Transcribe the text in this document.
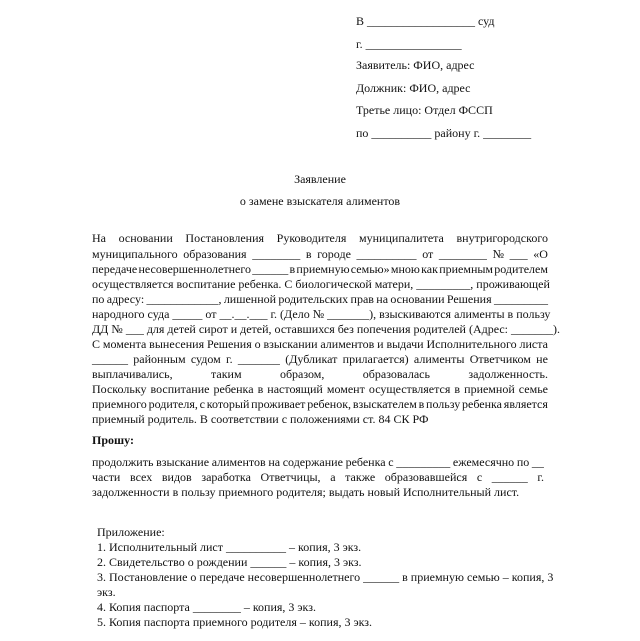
В __________________ суд
г. ________________
Заявитель: ФИО, адрес
Должник: ФИО, адрес
Третье лицо: Отдел ФССП
по __________ району г. ________
Заявление
о замене взыскателя алиментов
На основании Постановления Руководителя муниципалитета внутригородского
муниципального образования ________ в городе __________ от ________ № ___ «О
передаче несовершеннолетнего ______ в приемную семью» мною как приемным родителем
осуществляется воспитание ребенка. С биологической матери, _________, проживающей
по адресу: ____________, лишенной родительских прав на основании Решения _________
народного суда _____ от __.__.___ г. (Дело № _______), взыскиваются алименты в пользу
ДД № ___ для детей сирот и детей, оставшихся без попечения родителей (Адрес: _______).
С момента вынесения Решения о взыскании алиментов и выдачи Исполнительного листа
______ районным судом г. _______ (Дубликат прилагается) алименты Ответчиком не
выплачивались,	таким	образом,	образовалась	задолженность.
Поскольку воспитание ребенка в настоящий момент осуществляется в приемной семье
приемного родителя, с который проживает ребенок, взыскателем в пользу ребенка является
приемный родитель. В соответствии с положениями ст. 84 СК РФ
Прошу:
продолжить взыскание алиментов на содержание ребенка с _________ ежемесячно по __
части всех видов заработка Ответчицы, а также образовавшейся с ______ г.
задолженности в пользу приемного родителя; выдать новый Исполнительный лист.
Приложение:
1. Исполнительный лист __________ – копия, 3 экз.
2. Свидетельство о рождении ______ – копия, 3 экз.
3. Постановление о передаче несовершеннолетнего ______ в приемную семью – копия, 3
экз.
4. Копия паспорта ________ – копия, 3 экз.
5. Копия паспорта приемного родителя – копия, 3 экз.
